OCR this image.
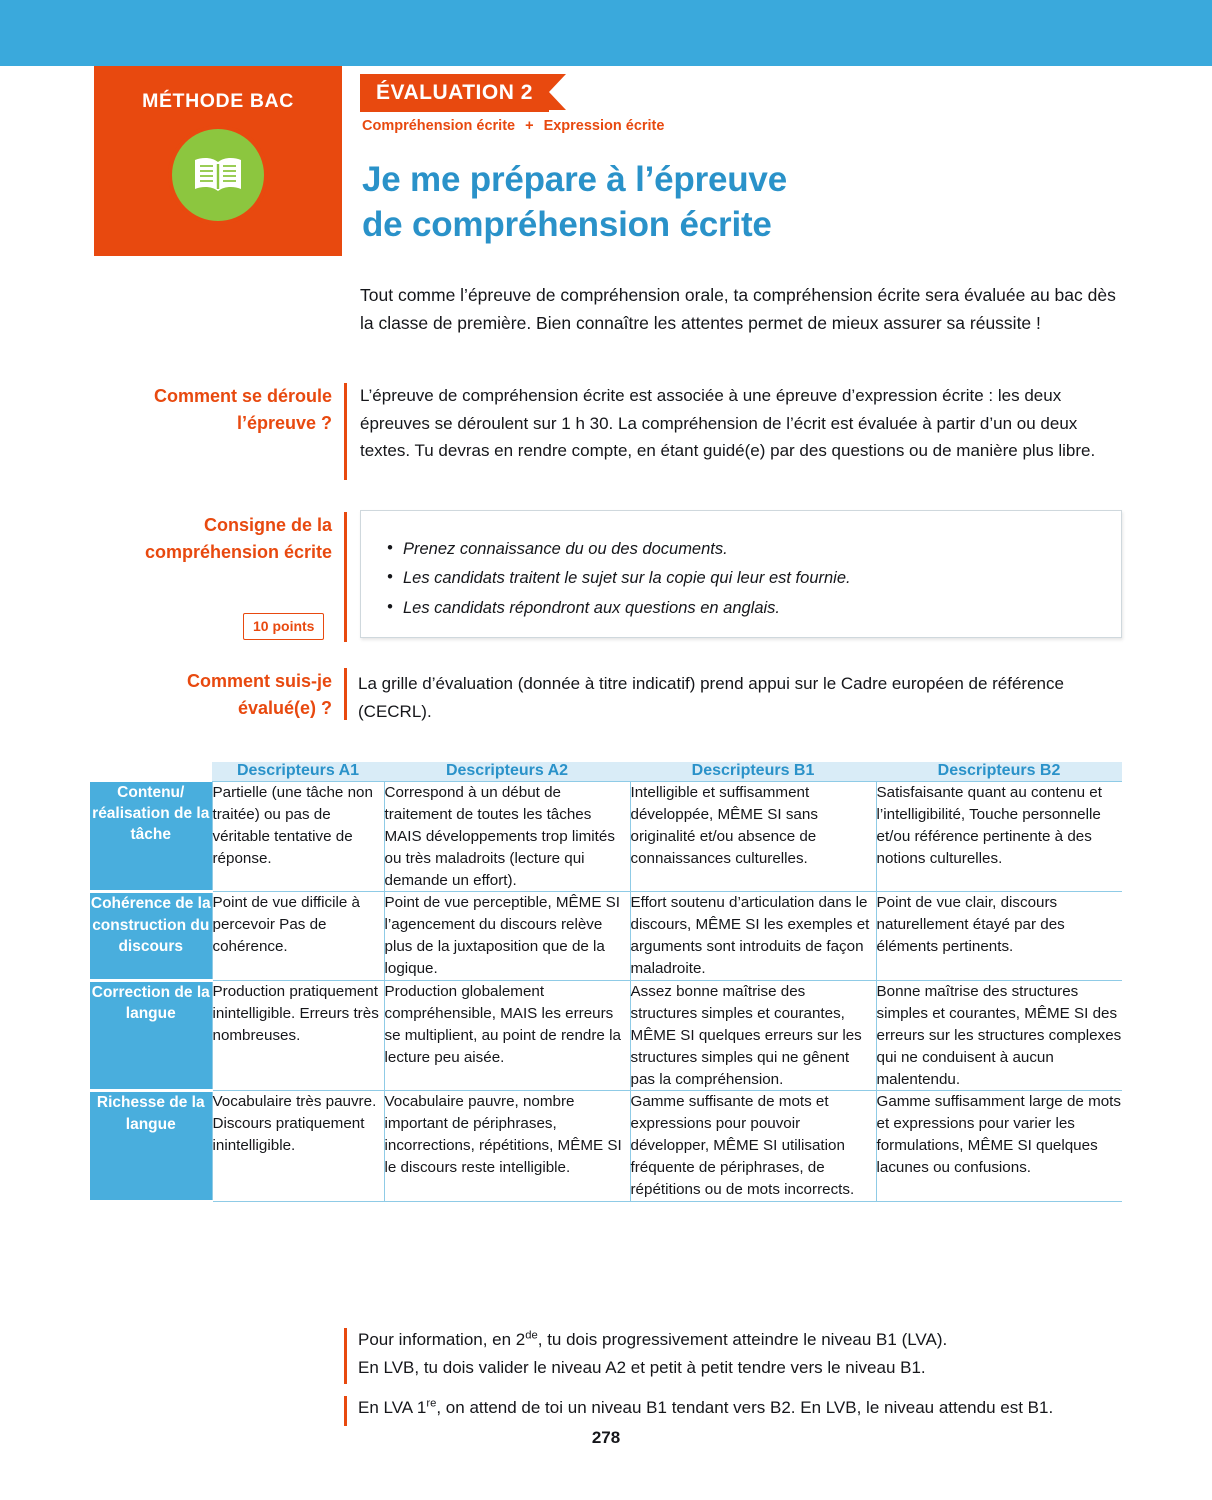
MÉTHODE BAC	ÉVALUATION 2
Compréhension écrite + Expression écrite
Je me prépare à l’épreuve
de compréhension écrite
Tout comme l’épreuve de compréhension orale, ta compréhension écrite sera évaluée au bac dès la classe de première. Bien connaître les attentes permet de mieux assurer sa réussite !
Comment se déroule l’épreuve ?
L’épreuve de compréhension écrite est associée à une épreuve d’expression écrite : les deux épreuves se déroulent sur 1 h 30. La compréhension de l’écrit est évaluée à partir d’un ou deux textes. Tu devras en rendre compte, en étant guidé(e) par des questions ou de manière plus libre.
Consigne de la compréhension écrite
10 points
• Prenez connaissance du ou des documents.
• Les candidats traitent le sujet sur la copie qui leur est fournie.
• Les candidats répondront aux questions en anglais.
Comment suis-je évalué(e) ?
La grille d’évaluation (donnée à titre indicatif) prend appui sur le Cadre européen de référence (CECRL).
	Descripteurs A1	Descripteurs A2	Descripteurs B1	Descripteurs B2
Contenu/ réalisation de la tâche	Partielle (une tâche non traitée) ou pas de véritable tentative de réponse.	Correspond à un début de traitement de toutes les tâches MAIS développements trop limités ou très maladroits (lecture qui demande un effort).	Intelligible et suffisamment développée, MÊME SI sans originalité et/ou absence de connaissances culturelles.	Satisfaisante quant au contenu et l’intelligibilité, Touche personnelle et/ou référence pertinente à des notions culturelles.
Cohérence de la construction du discours	Point de vue difficile à percevoir Pas de cohérence.	Point de vue perceptible, MÊME SI l’agencement du discours relève plus de la juxtaposition que de la logique.	Effort soutenu d’articulation dans le discours, MÊME SI les exemples et arguments sont introduits de façon maladroite.	Point de vue clair, discours naturellement étayé par des éléments pertinents.
Correction de la langue	Production pratiquement inintelligible. Erreurs très nombreuses.	Production globalement compréhensible, MAIS les erreurs se multiplient, au point de rendre la lecture peu aisée.	Assez bonne maîtrise des structures simples et courantes, MÊME SI quelques erreurs sur les structures simples qui ne gênent pas la compréhension.	Bonne maîtrise des structures simples et courantes, MÊME SI des erreurs sur les structures complexes qui ne conduisent à aucun malentendu.
Richesse de la langue	Vocabulaire très pauvre. Discours pratiquement inintelligible.	Vocabulaire pauvre, nombre important de périphrases, incorrections, répétitions, MÊME SI le discours reste intelligible.	Gamme suffisante de mots et expressions pour pouvoir développer, MÊME SI utilisation fréquente de périphrases, de répétitions ou de mots incorrects.	Gamme suffisamment large de mots et expressions pour varier les formulations, MÊME SI quelques lacunes ou confusions.
Pour information, en 2de, tu dois progressivement atteindre le niveau B1 (LVA).
En LVB, tu dois valider le niveau A2 et petit à petit tendre vers le niveau B1.
En LVA 1re, on attend de toi un niveau B1 tendant vers B2. En LVB, le niveau attendu est B1.
278
